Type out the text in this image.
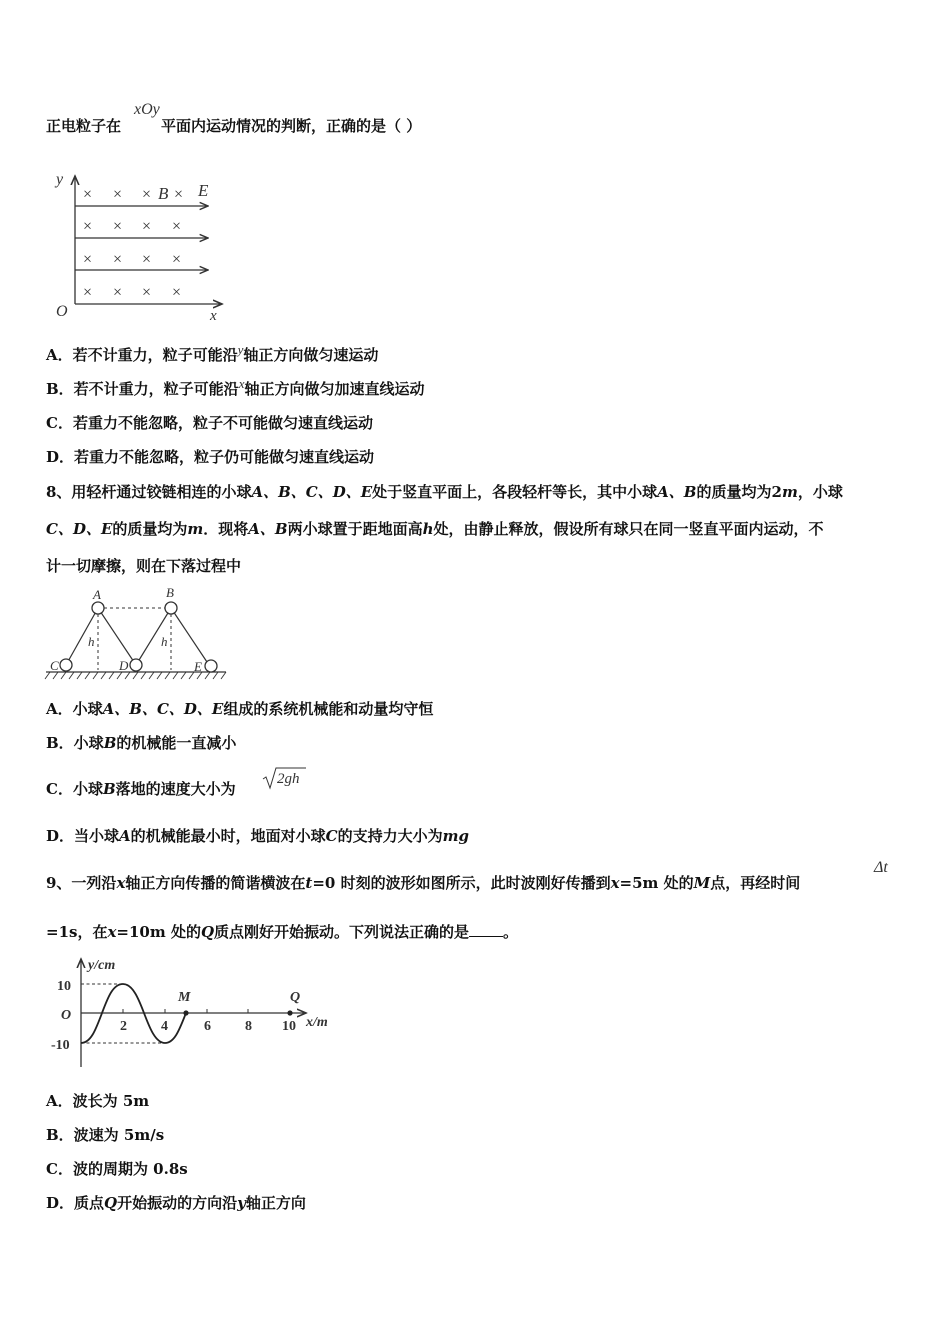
正电粒子在	平面内运动情况的判断，正确的是（ ）
xOy
y
x
O
E
B
× × × ×
× × × ×
× × × ×
× × × ×
A．若不计重力，粒子可能沿y轴正方向做匀速运动
B．若不计重力，粒子可能沿x轴正方向做匀加速直线运动
C．若重力不能忽略，粒子不可能做匀速直线运动
D．若重力不能忽略，粒子仍可能做匀速直线运动
8、用轻杆通过铰链相连的小球A、B、C、D、E处于竖直平面上，各段轻杆等长，其中小球A、B的质量均为2m，小球
C、D、E的质量均为m．现将A、B两小球置于距地面高h处，由静止释放，假设所有球只在同一竖直平面内运动，不
计一切摩擦，则在下落过程中
A	B
C	D	E
h	h
A．小球A、B、C、D、E组成的系统机械能和动量均守恒
B．小球B的机械能一直减小
C．小球B落地的速度大小为
2gh
D．当小球A的机械能最小时，地面对小球C的支持力大小为mg
9、一列沿x轴正方向传播的简谐横波在t=0 时刻的波形如图所示，此时波刚好传播到x=5m 处的M点，再经时间
Δt
=1s，在x=10m 处的Q质点刚好开始振动。下列说法正确的是 。
y/cm
10
-10
O
2 4	6 8 10 x/m
M	Q
A．波长为 5m
B．波速为 5m/s
C．波的周期为 0.8s
D．质点Q开始振动的方向沿y轴正方向
